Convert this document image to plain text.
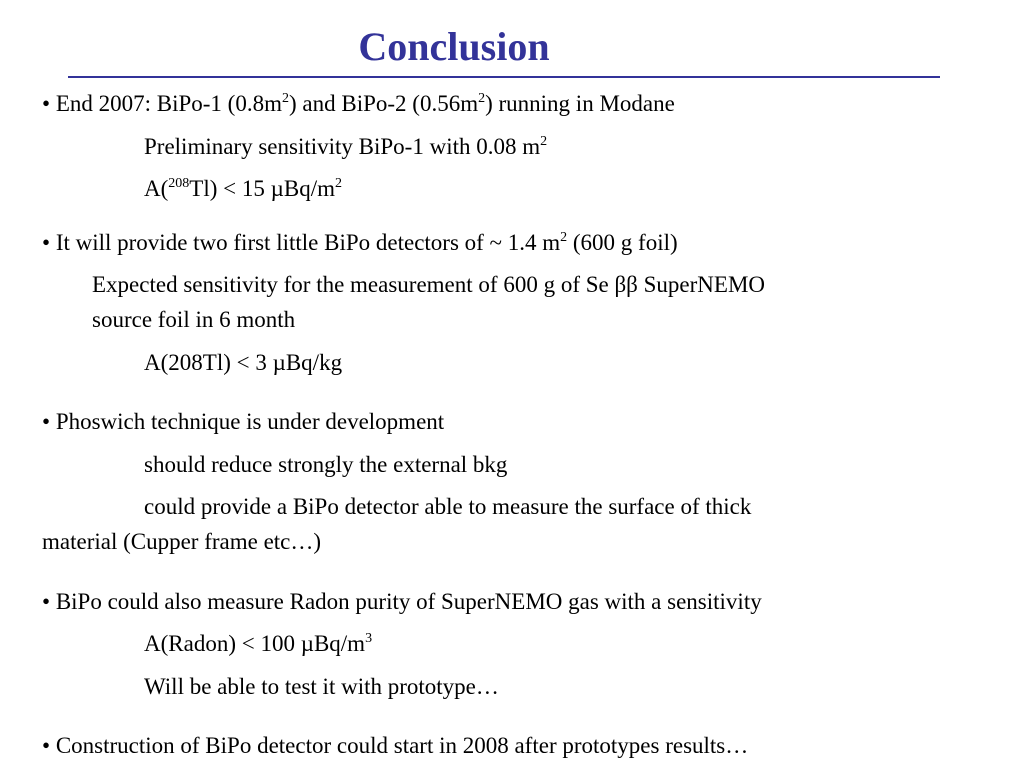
Conclusion
• End 2007: BiPo-1 $(0.8m^2)$ and BiPo-2 $(0.56m^2)$ running in Modane
Preliminary sensitivity BiPo-1 with 0.08 $m^2$
A($^{208}$Tl) < 15 µBq/$m^2$
• It will provide two first little BiPo detectors of ~ 1.4 $m^2$ (600 g foil)
Expected sensitivity for the measurement of 600 g of Se ββ SuperNEMO
source foil in 6 month
A(208Tl) < 3 µBq/kg
• Phoswich technique is under development
should reduce strongly the external bkg
could provide a BiPo detector able to measure the surface of thick
material (Cupper frame etc…)
• BiPo could also measure Radon purity of SuperNEMO gas with a sensitivity
A(Radon) < 100 µBq/$m^3$
Will be able to test it with prototype…
• Construction of BiPo detector could start in 2008 after prototypes results…
